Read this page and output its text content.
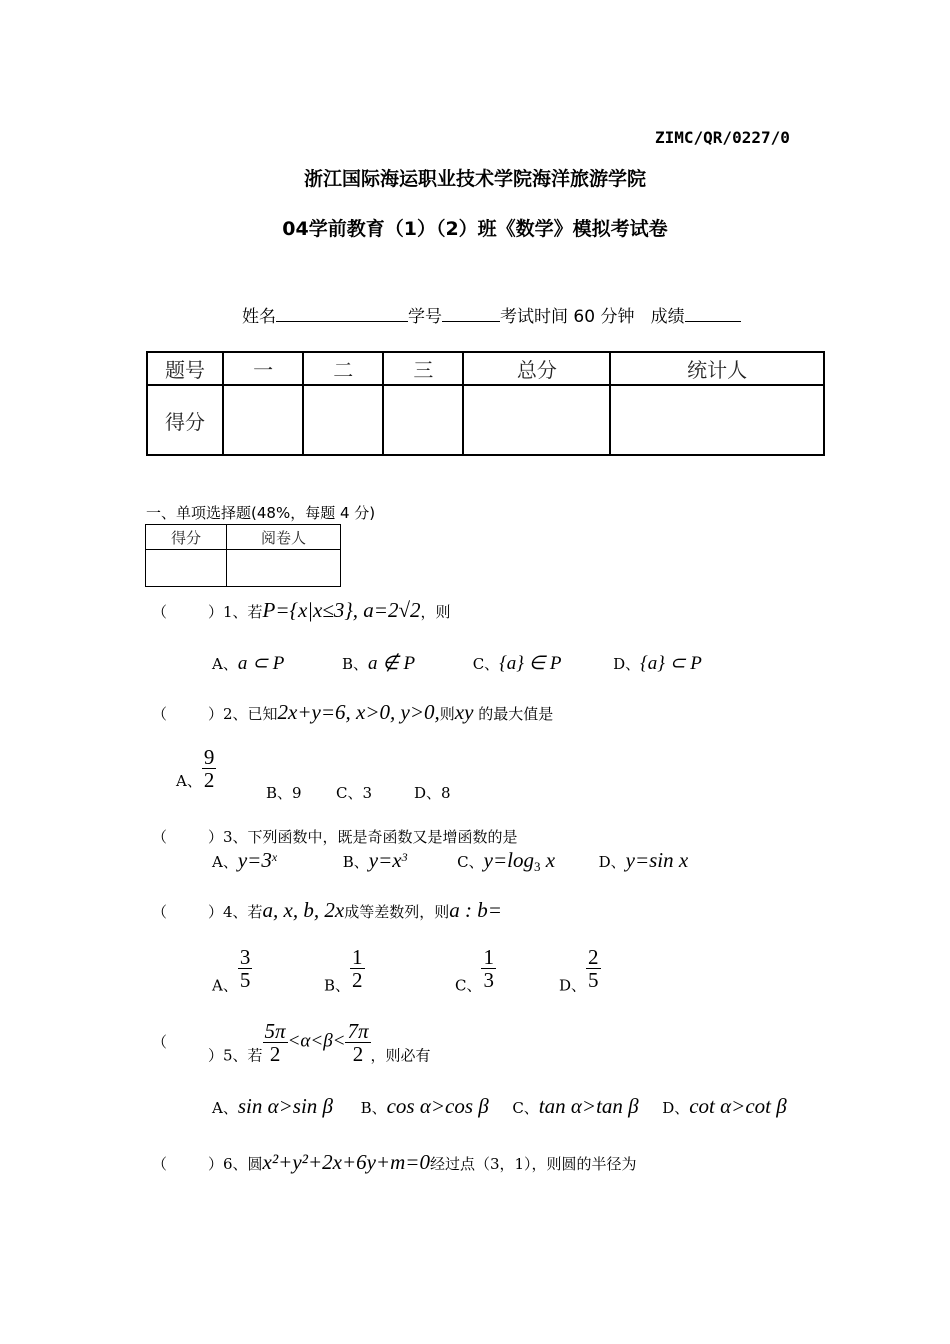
ZIMC/QR/0227/0
浙江国际海运职业技术学院海洋旅游学院
04学前教育（1）（2）班《数学》模拟考试卷
姓名	学号	考试时间 60 分钟 成绩
题号	一	二	三	总分	统计人
得分					
一、单项选择题(48%，每题 4 分)
得分	阅卷人

（	）1、若P={x|x≤3}, a=2√2，则
A、a ⊂ P	B、a ∉ P	C、{a} ∈ P	D、{a} ⊂ P
（	）2、已知2x+y=6, x>0, y>0,则xy 的最大值是
A、 $\frac{9}{2}$
B、9 C、3	D、8
（	）3、下列函数中，既是奇函数又是增函数的是
A、$y=3^x$	B、$y=x^3$	C、$y=\log_3$ x	D、y=sin x
（	）4、若a, x, b, 2x成等差数列，则a : b=
A、 $\frac{3}{5}$	B、 $\frac{1}{2}$	C、 $\frac{1}{3}$	D、 $\frac{2}{5}$
（）5、若 $\frac{5\pi}{2} <\alpha<\beta< \frac{7\pi}{2}$ ，则必有
A、sin α>sin β B、cos α>cos β C、tan α>tan β D、cot α>cot β
（	）6、圆x²+y²+2x+6y+m=0经过点（3，1），则圆的半径为
